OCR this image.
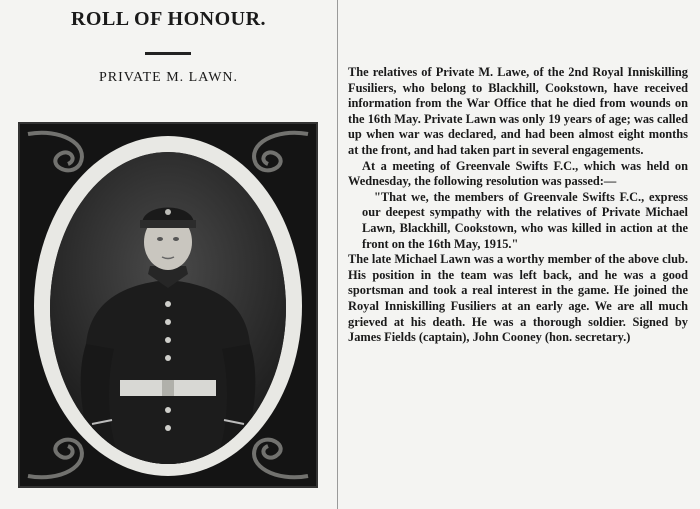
ROLL OF HONOUR.
PRIVATE M. LAWN.	The relatives of Private M. Lawe, of the 2nd Royal Inniskilling Fusiliers, who belong to Blackhill, Cookstown, have received information from the War Office that he died from wounds on the 16th May. Private Lawn was only 19 years of age; was called up when war was declared, and had been almost eight months at the front, and had taken part in several engagements.

At a meeting of Greenvale Swifts F.C., which was held on Wednesday, the following resolution was passed:—

"That we, the members of Greenvale Swifts F.C., express our deepest sympathy with the relatives of Private Michael Lawn, Blackhill, Cookstown, who was killed in action at the front on the 16th May, 1915."

The late Michael Lawn was a worthy member of the above club. His position in the team was left back, and he was a good sportsman and took a real interest in the game. He joined the Royal Inniskilling Fusiliers at an early age. We are all much grieved at his death. He was a thorough soldier. Signed by James Fields (captain), John Cooney (hon. secretary.)
